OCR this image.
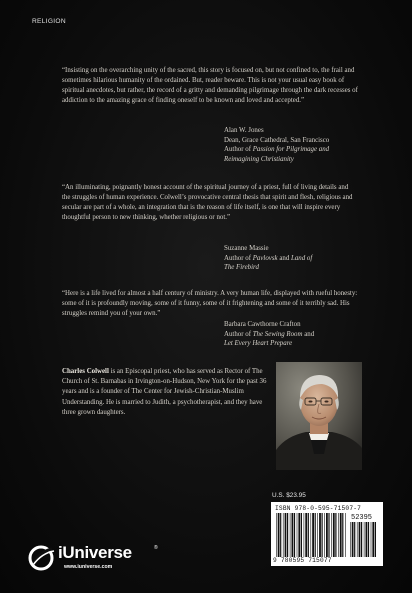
RELIGION
“Insisting on the overarching unity of the sacred, this story is focused on, but not confined to, the frail and sometimes hilarious humanity of the ordained. But, reader beware. This is not your usual easy book of spiritual anecdotes, but rather, the record of a gritty and demanding pilgrimage through the dark recesses of addiction to the amazing grace of finding oneself to be known and loved and accepted.”
Alan W. Jones
Dean, Grace Cathedral, San Francisco
Author of Passion for Pilgrimage and
Reimagining Christianity
“An illuminating, poignantly honest account of the spiritual journey of a priest, full of living details and the struggles of human experience. Colwell’s provocative central thesis that spirit and flesh, religious and secular are part of a whole, an integration that is the reason of life itself, is one that will inspire every thoughtful person to new thinking, whether religious or not.”
Suzanne Massie
Author of Pavlovsk and Land of
The Firebird
“Here is a life lived for almost a half century of ministry. A very human life, displayed with rueful honesty: some of it is profoundly moving, some of it funny, some of it frightening and some of it terribly sad. His struggles remind you of your own.”
Barbara Cawthorne Crafton
Author of The Sewing Room and
Let Every Heart Prepare
Charles Colwell is an Episcopal priest, who has served as Rector of The Church of St. Barnabas in Irvington-on-Hudson, New York for the past 36 years and is a founder of The Center for Jewish-Christian-Muslim Understanding. He is married to Judith, a psychotherapist, and they have three grown daughters.
U.S. $23.95
ISBN 978-0-595-71507-7
52395
9 780595 715077
iUniverse	®
www.iuniverse.com
